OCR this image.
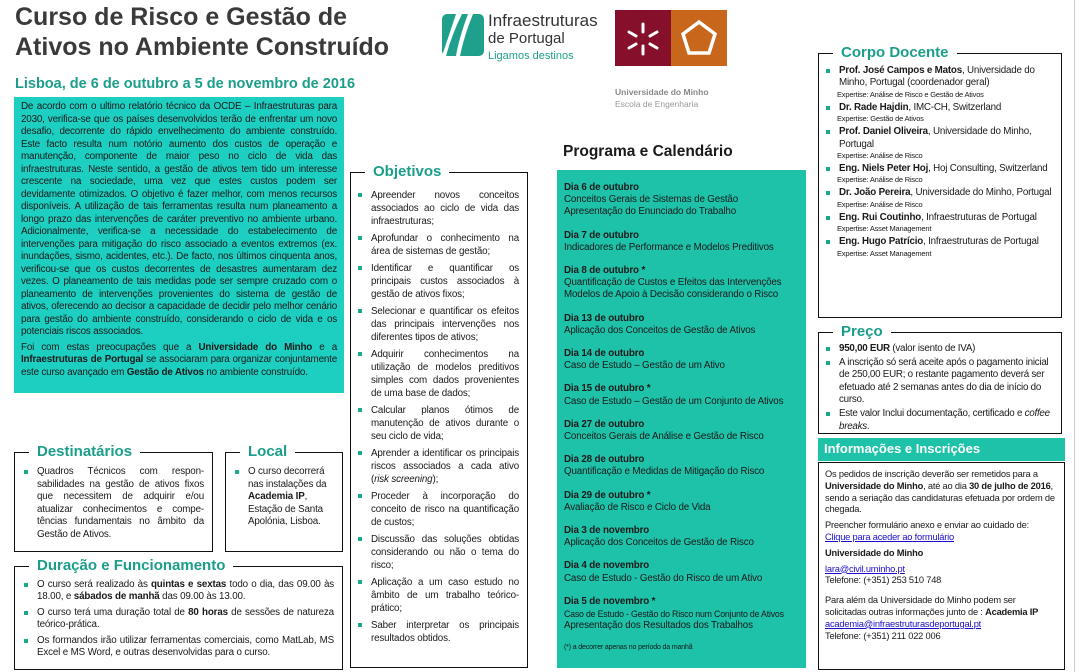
Curso de Risco e Gestão de
Ativos no Ambiente Construído
Lisboa, de 6 de outubro a 5 de novembro de 2016
Infraestruturas
de Portugal
Ligamos destinos
Universidade do Minho
Escola de Engenharia

De acordo com o ultimo relatório técnico da OCDE – Infraestruturas para 2030, verifica-se que os países desenvolvidos terão de enfrentar um novo desafio, decorrente do rápido envelhecimento do ambiente construído. Este facto resulta num notório aumento dos custos de operação e manutenção, componente de maior peso no ciclo de vida das infraestruturas. Neste sentido, a gestão de ativos tem tido um interesse crescente na sociedade, uma vez que estes custos podem ser devidamente otimizados. O objetivo é fazer melhor, com menos recursos disponíveis. A utilização de tais ferramentas resulta num planeamento a longo prazo das intervenções de caráter preventivo no ambiente urbano. Adicionalmente, verifica-se a necessidade do estabelecimento de intervenções para mitigação do risco associado a eventos extremos (ex. inundações, sismo, acidentes, etc.). De facto, nos últimos cinquenta anos, verificou-se que os custos decorrentes de desastres aumentaram dez vezes. O planeamento de tais medidas pode ser sempre cruzado com o planeamento de intervenções provenientes do sistema de gestão de ativos, oferecendo ao decisor a capacidade de decidir pelo melhor cenário para gestão do ambiente construído, considerando o ciclo de vida e os potenciais riscos associados.

Foi com estas preocupações que a Universidade do Minho e a Infraestruturas de Portugal se associaram para organizar conjuntamente este curso avançado em Gestão de Ativos no ambiente construído.

Destinatários
Quadros Técnicos com respon-sabilidades na gestão de ativos fixos que necessitem de adquirir e/ou atualizar conhecimentos e compe-tências fundamentais no âmbito da Gestão de Ativos.
Local
O curso decorrerá nas instalações da Academia IP, Estação de Santa Apolónia, Lisboa.
Duração e Funcionamento
O curso será realizado às quintas e sextas todo o dia, das 09.00 às 18.00, e sábados de manhã das 09.00 às 13.00.
O curso terá uma duração total de 80 horas de sessões de natureza teórico-prática.
Os formandos irão utilizar ferramentas comerciais, como MatLab, MS Excel e MS Word, e outras desenvolvidas para o curso.
Objetivos
Apreender novos conceitos associados ao ciclo de vida das infraestruturas;
Aprofundar o conhecimento na área de sistemas de gestão;
Identificar e quantificar os principais custos associados à gestão de ativos fixos;
Selecionar e quantificar os efeitos das principais intervenções nos diferentes tipos de ativos;
Adquirir conhecimentos na utilização de modelos preditivos simples com dados provenientes de uma base de dados;
Calcular planos ótimos de manutenção de ativos durante o seu ciclo de vida;
Aprender a identificar os principais riscos associados a cada ativo (risk screening);
Proceder à incorporação do conceito de risco na quantificação de custos;
Discussão das soluções obtidas considerando ou não o tema do risco;
Aplicação a um caso estudo no âmbito de um trabalho teórico-prático;
Saber interpretar os principais resultados obtidos.
Programa e Calendário
Dia 6 de outubro
Conceitos Gerais de Sistemas de Gestão
Apresentação do Enunciado do Trabalho
Dia 7 de outubro
Indicadores de Performance e Modelos Preditivos
Dia 8 de outubro *
Quantificação de Custos e Efeitos das Intervenções
Modelos de Apoio à Decisão considerando o Risco
Dia 13 de outubro
Aplicação dos Conceitos de Gestão de Ativos
Dia 14 de outubro
Caso de Estudo – Gestão de um Ativo
Dia 15 de outubro *
Caso de Estudo – Gestão de um Conjunto de Ativos
Dia 27 de outubro
Conceitos Gerais de Análise e Gestão de Risco
Dia 28 de outubro
Quantificação e Medidas de Mitigação do Risco
Dia 29 de outubro *
Avaliação de Risco e Ciclo de Vida
Dia 3 de novembro
Aplicação dos Conceitos de Gestão de Risco
Dia 4 de novembro
Caso de Estudo - Gestão do Risco de um Ativo
Dia 5 de novembro *
Caso de Estudo - Gestão do Risco num Conjunto de Ativos
Apresentação dos Resultados dos Trabalhos
(*) a decorrer apenas no período da manhã
Corpo Docente
Prof. José Campos e Matos, Universidade do Minho, Portugal (coordenador geral)
Expertise: Análise de Risco e Gestão de Ativos
Dr. Rade Hajdin, IMC-CH, Switzerland
Expertise: Gestão de Ativos
Prof. Daniel Oliveira, Universidade do Minho, Portugal
Expertise: Análise de Risco
Eng. Niels Peter Hoj, Hoj Consulting, Switzerland
Expertise: Análise de Risco
Dr. João Pereira, Universidade do Minho, Portugal
Expertise: Análise de Risco
Eng. Rui Coutinho, Infraestruturas de Portugal
Expertise: Asset Management
Eng. Hugo Patrício, Infraestruturas de Portugal
Expertise: Asset Management
Preço
950,00 EUR (valor isento de IVA)
A inscrição só será aceite após o pagamento inicial de 250,00 EUR; o restante pagamento deverá ser efetuado até 2 semanas antes do dia de início do curso.
Este valor Inclui documentação, certificado e coffee breaks.
Informações e Inscrições

Os pedidos de inscrição deverão ser remetidos para a Universidade do Minho, até ao dia 30 de julho de 2016, sendo a seriação das candidaturas efetuada por ordem de chegada.

Preencher formulário anexo e enviar ao cuidado de:
Clique para aceder ao formulário

Universidade do Minho

lara@civil.uminho.pt
Telefone: (+351) 253 510 748

Para além da Universidade do Minho podem ser solicitadas outras informações junto de : Academia IP
academia@infraestruturasdeportugal.pt
Telefone: (+351) 211 022 006
